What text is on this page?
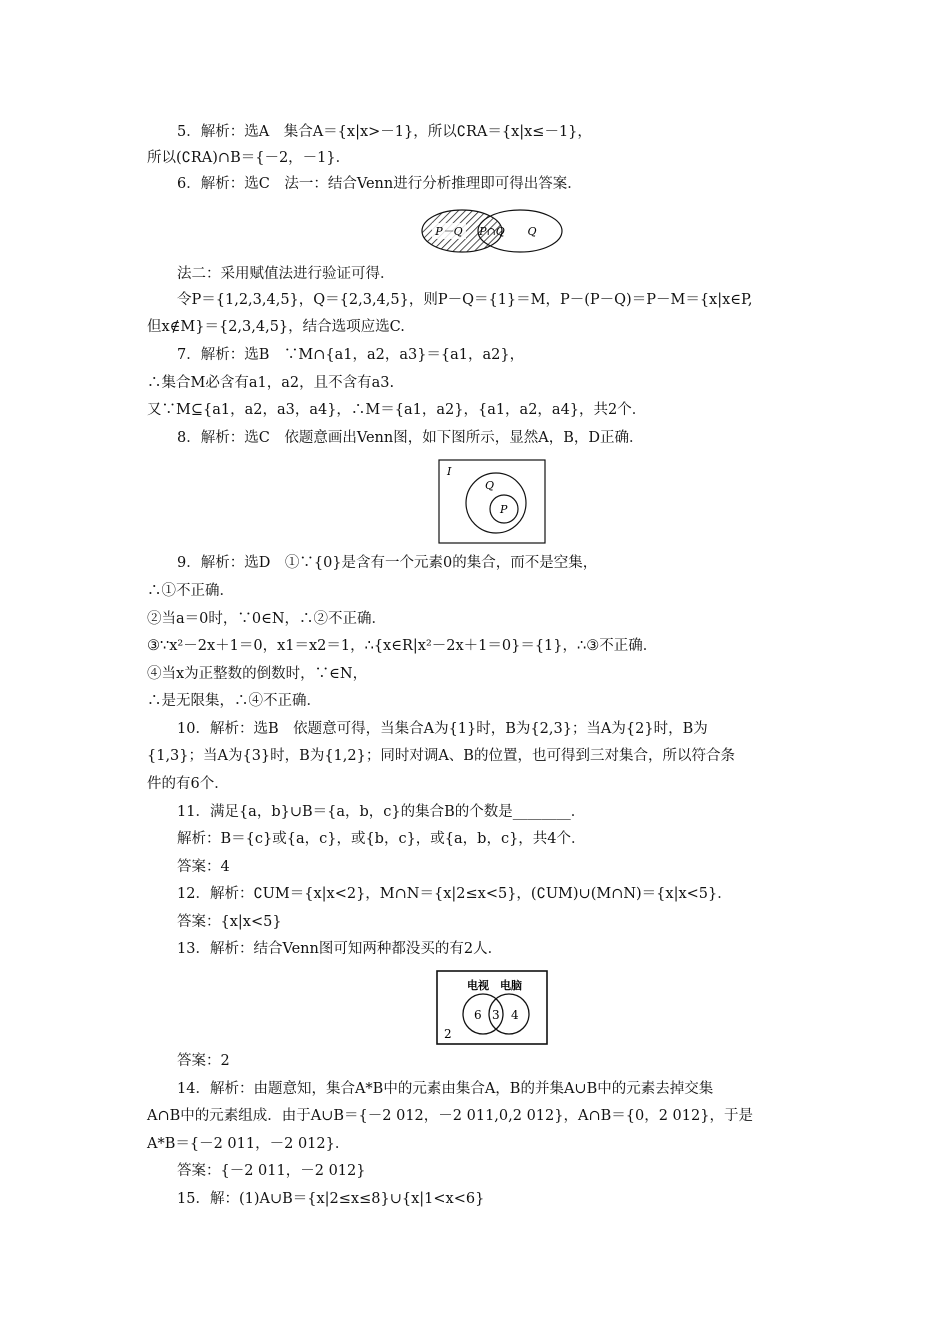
5．解析：选A　集合A＝{x|x>－1}，所以∁RA＝{x|x≤－1}，
所以(∁RA)∩B＝{－2，－1}．
6．解析：选C　法一：结合Venn进行分析推理即可得出答案．
P－Q P∩Q Q
法二：采用赋值法进行验证可得．
令P＝{1,2,3,4,5}，Q＝{2,3,4,5}，则P－Q＝{1}＝M，P－(P－Q)＝P－M＝{x|x∈P,
但x∉M}＝{2,3,4,5}，结合选项应选C.
7．解析：选B　∵M∩{a1，a2，a3}＝{a1，a2}，
∴集合M必含有a1，a2，且不含有a3.
又∵M⊆{a1，a2，a3，a4}，∴M＝{a1，a2}，{a1，a2，a4}，共2个．
8．解析：选C　依题意画出Venn图，如下图所示，显然A，B，D正确．
I
Q
P
9．解析：选D　①∵{0}是含有一个元素0的集合，而不是空集，
∴①不正确．
②当a＝0时，∵0∈N，∴②不正确．
③∵x²－2x＋1＝0，x1＝x2＝1，∴{x∈R|x²－2x＋1＝0}＝{1}，∴③不正确．
④当x为正整数的倒数时，∵∈N，
∴是无限集，∴④不正确．
10．解析：选B　依题意可得，当集合A为{1}时，B为{2,3}；当A为{2}时，B为
{1,3}；当A为{3}时，B为{1,2}；同时对调A、B的位置，也可得到三对集合，所以符合条
件的有6个．
11．满足{a，b}∪B＝{a，b，c}的集合B的个数是________．
解析：B＝{c}或{a，c}，或{b，c}，或{a，b，c}，共4个．
答案：4
12．解析：∁UM＝{x|x<2}，M∩N＝{x|2≤x<5}，(∁UM)∪(M∩N)＝{x|x<5}．
答案：{x|x<5}
13．解析：结合Venn图可知两种都没买的有2人．
电视 电脑
6 3 4
2
答案：2
14．解析：由题意知，集合A*B中的元素由集合A，B的并集A∪B中的元素去掉交集
A∩B中的元素组成．由于A∪B＝{－2 012，－2 011,0,2 012}，A∩B＝{0，2 012}，于是
A*B＝{－2 011，－2 012}．
答案：{－2 011，－2 012}
15．解：(1)A∪B＝{x|2≤x≤8}∪{x|1<x<6}
